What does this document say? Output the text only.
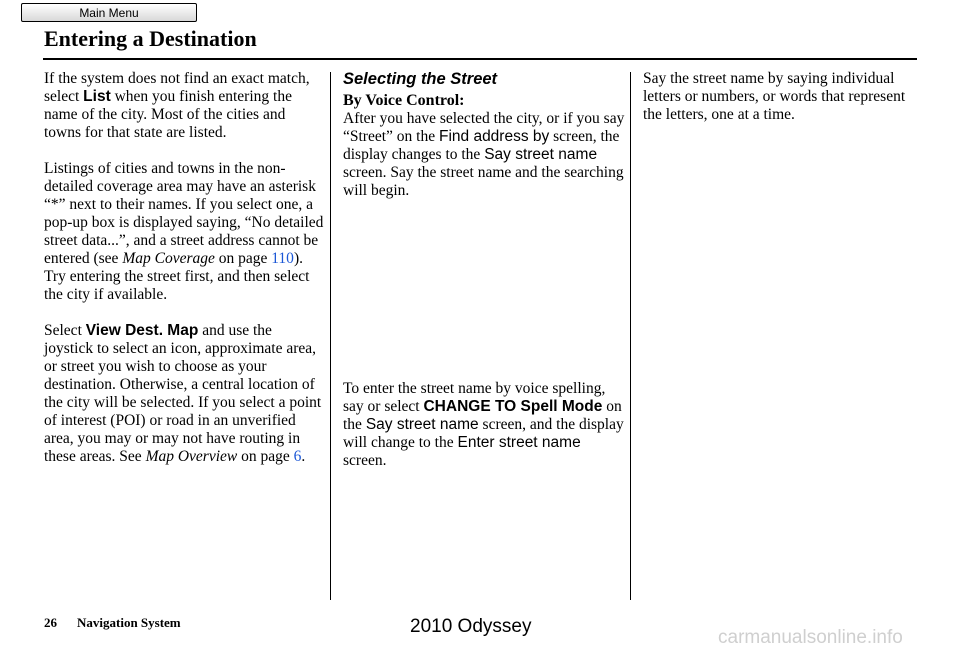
Main Menu
Entering a Destination

If the system does not find an exact match, select List when you finish entering the name of the city. Most of the cities and towns for that state are listed.

Listings of cities and towns in the non-detailed coverage area may have an asterisk “*” next to their names. If you select one, a pop-up box is displayed saying, “No detailed street data...”, and a street address cannot be entered (see Map Coverage on page 110). Try entering the street first, and then select the city if available.

Select View Dest. Map and use the joystick to select an icon, approximate area, or street you wish to choose as your destination. Otherwise, a central location of the city will be selected. If you select a point of interest (POI) or road in an unverified area, you may or may not have routing in these areas. See Map Overview on page 6.

Selecting the Street
By Voice Control:

After you have selected the city, or if you say “Street” on the Find address by screen, the display changes to the Say street name screen. Say the street name and the searching will begin.

To enter the street name by voice spelling, say or select CHANGE TO Spell Mode on the Say street name screen, and the display will change to the Enter street name screen.

Say the street name by saying individual letters or numbers, or words that represent the letters, one at a time.

26 Navigation System	2010 Odyssey
carmanualsonline.info
